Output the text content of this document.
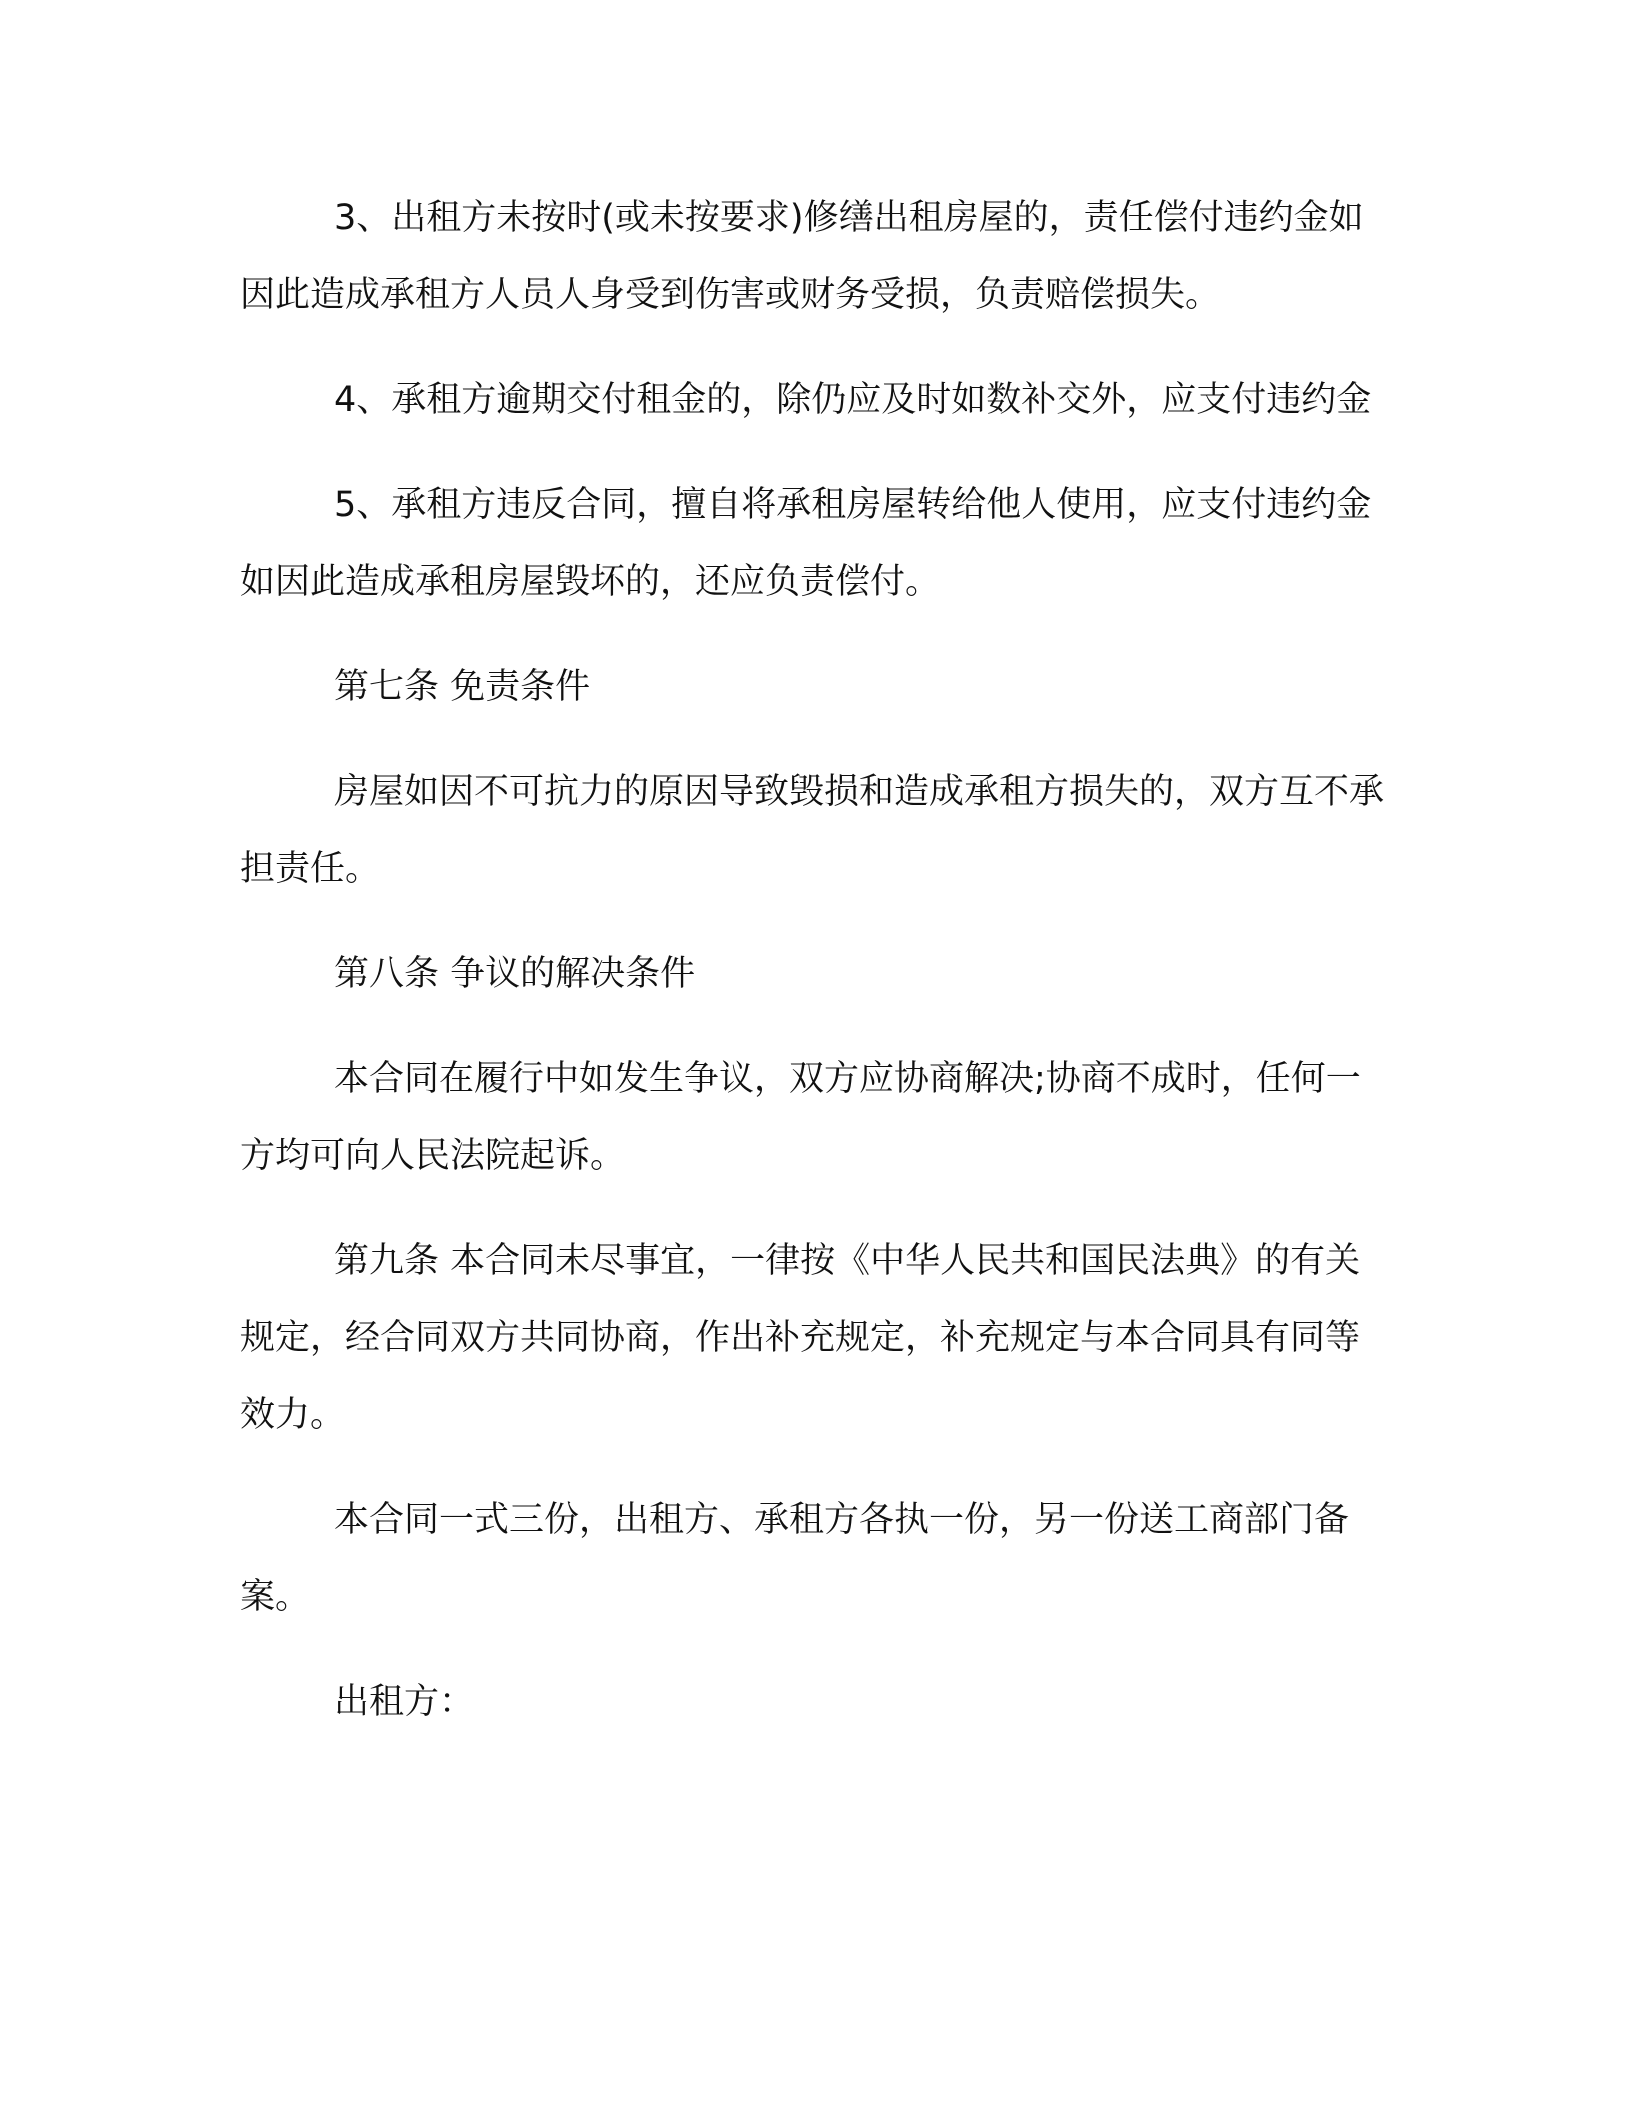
3、出租方未按时(或未按要求)修缮出租房屋的，责任偿付违约金如因此造成承租方人员人身受到伤害或财务受损，负责赔偿损失。

4、承租方逾期交付租金的，除仍应及时如数补交外，应支付违约金

5、承租方违反合同，擅自将承租房屋转给他人使用，应支付违约金如因此造成承租房屋毁坏的，还应负责偿付。

第七条 免责条件

房屋如因不可抗力的原因导致毁损和造成承租方损失的，双方互不承担责任。

第八条 争议的解决条件

本合同在履行中如发生争议，双方应协商解决;协商不成时，任何一方均可向人民法院起诉。

第九条 本合同未尽事宜，一律按《中华人民共和国民法典》的有关规定，经合同双方共同协商，作出补充规定，补充规定与本合同具有同等效力。

本合同一式三份，出租方、承租方各执一份，另一份送工商部门备案。

出租方：
